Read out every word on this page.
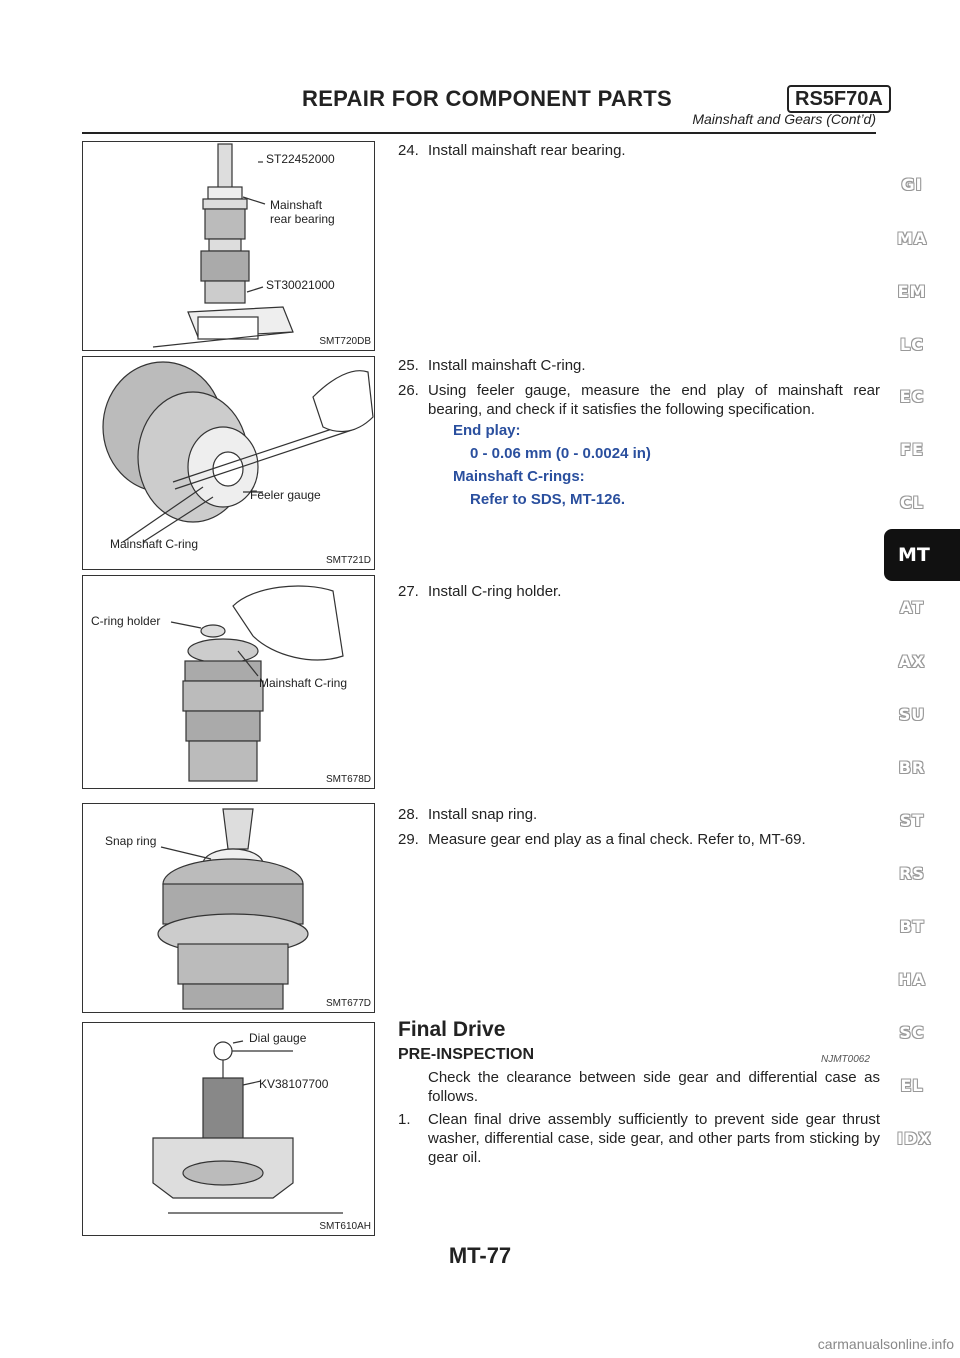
REPAIR FOR COMPONENT PARTS	RS5F70A
Mainshaft and Gears (Cont’d)
ST22452000
Mainshaft
rear bearing
ST30021000
SMT720DB
Feeler gauge
Mainshaft C-ring
SMT721D
C-ring holder
Mainshaft C-ring
SMT678D
Snap ring
SMT677D
Dial gauge
KV38107700
SMT610AH
24. Install mainshaft rear bearing.
25. Install mainshaft C-ring.
26. Using feeler gauge, measure the end play of mainshaft rear bearing, and check if it satisfies the following specification.
End play:
0 - 0.06 mm (0 - 0.0024 in)
Mainshaft C-rings:
Refer to SDS, MT-126.
27. Install C-ring holder.
28. Install snap ring.
29. Measure gear end play as a final check. Refer to, MT-69.
Final Drive
PRE-INSPECTION	NJMT0062
Check the clearance between side gear and differential case as follows.
1.	Clean final drive assembly sufficiently to prevent side gear thrust washer, differential case, side gear, and other parts from sticking by gear oil.
GI
MA
EM
LC
EC
FE
CL
MT
AT
AX
SU
BR
ST
RS
BT
HA
SC
EL
IDX
MT-77
carmanualsonline.info
